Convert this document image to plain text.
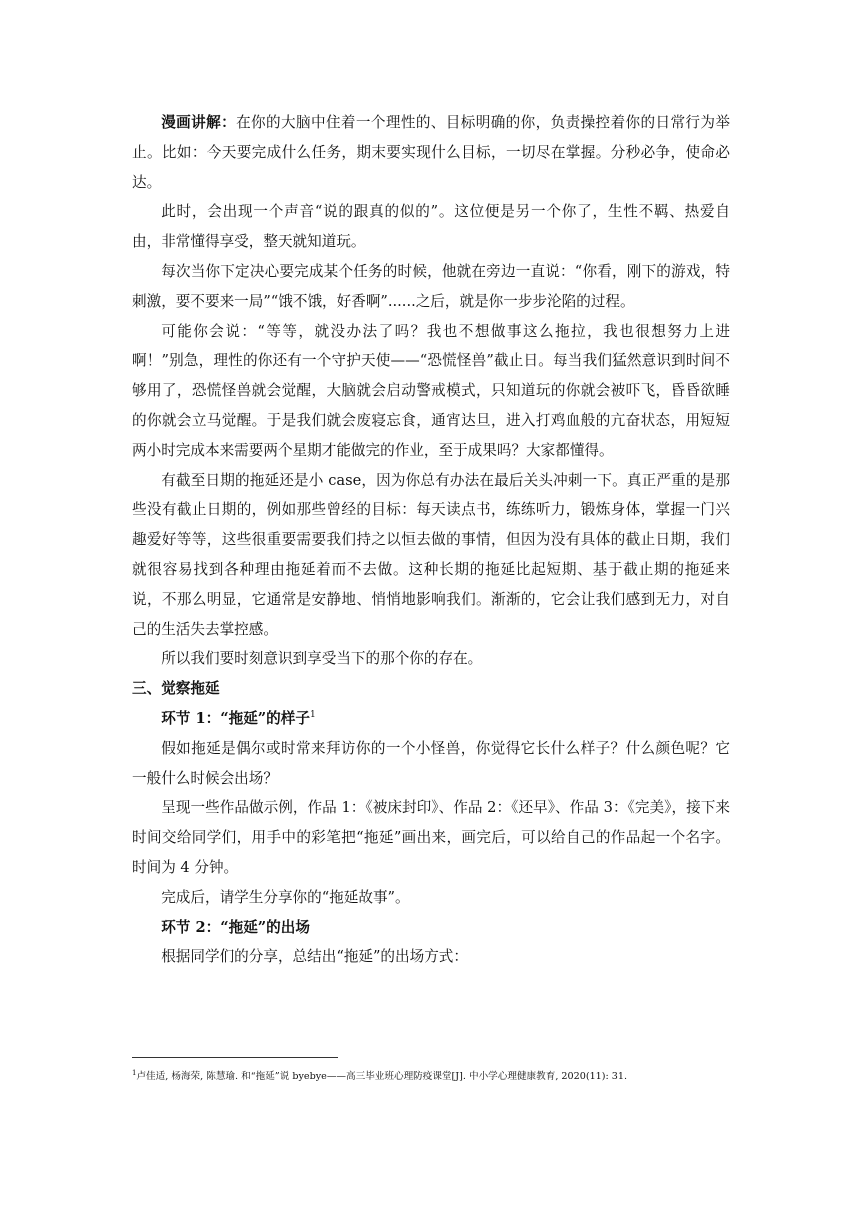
漫画讲解：在你的大脑中住着一个理性的、目标明确的你，负责操控着你的日常行为举止。比如：今天要完成什么任务，期末要实现什么目标，一切尽在掌握。分秒必争，使命必达。

此时，会出现一个声音“说的跟真的似的”。这位便是另一个你了，生性不羁、热爱自由，非常懂得享受，整天就知道玩。

每次当你下定决心要完成某个任务的时候，他就在旁边一直说：“你看，刚下的游戏，特刺激，要不要来一局”“饿不饿，好香啊”......之后，就是你一步步沦陷的过程。

可能你会说：“等等，就没办法了吗？我也不想做事这么拖拉，我也很想努力上进啊！”别急，理性的你还有一个守护天使——“恐慌怪兽”截止日。每当我们猛然意识到时间不够用了，恐慌怪兽就会觉醒，大脑就会启动警戒模式，只知道玩的你就会被吓飞，昏昏欲睡的你就会立马觉醒。于是我们就会废寝忘食，通宵达旦，进入打鸡血般的亢奋状态，用短短两小时完成本来需要两个星期才能做完的作业，至于成果吗？大家都懂得。

有截至日期的拖延还是小 case，因为你总有办法在最后关头冲刺一下。真正严重的是那些没有截止日期的，例如那些曾经的目标：每天读点书，练练听力，锻炼身体，掌握一门兴趣爱好等等，这些很重要需要我们持之以恒去做的事情，但因为没有具体的截止日期，我们就很容易找到各种理由拖延着而不去做。这种长期的拖延比起短期、基于截止期的拖延来说，不那么明显，它通常是安静地、悄悄地影响我们。渐渐的，它会让我们感到无力，对自己的生活失去掌控感。

所以我们要时刻意识到享受当下的那个你的存在。

三、觉察拖延

环节 1：“拖延”的样子$^1$

假如拖延是偶尔或时常来拜访你的一个小怪兽，你觉得它长什么样子？什么颜色呢？它一般什么时候会出场？

呈现一些作品做示例，作品 1：《被床封印》、作品 2：《还早》、作品 3：《完美》，接下来时间交给同学们，用手中的彩笔把“拖延”画出来，画完后，可以给自己的作品起一个名字。时间为 4 分钟。

完成后，请学生分享你的“拖延故事”。

环节 2：“拖延”的出场

根据同学们的分享，总结出“拖延”的出场方式：

$^1$卢佳适, 杨海荣, 陈慧瑜. 和“拖延”说 byebye——高三毕业班心理防疫课堂[J]. 中小学心理健康教育, 2020(11): 31.
